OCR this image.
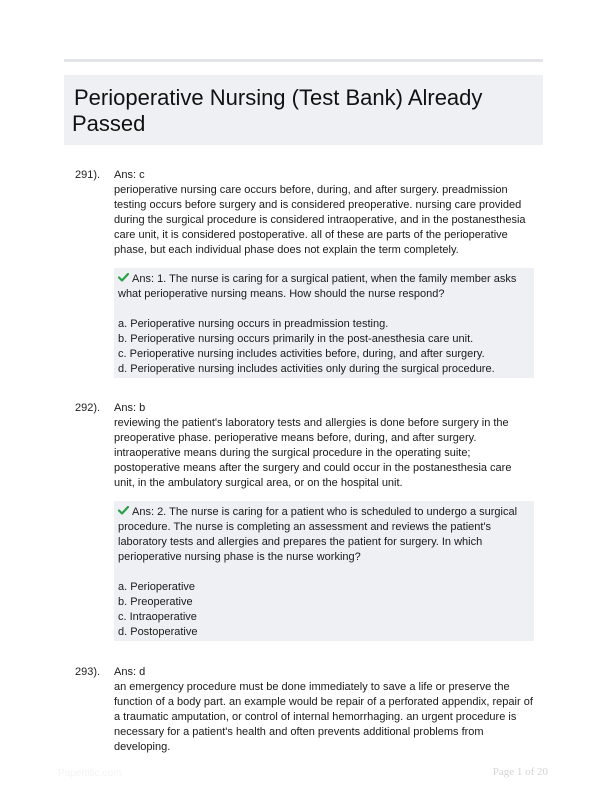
Perioperative Nursing (Test Bank) Already
Passed
291). Ans: c
perioperative nursing care occurs before, during, and after surgery. preadmission testing occurs before surgery and is considered preoperative. nursing care provided during the surgical procedure is considered intraoperative, and in the postanesthesia care unit, it is considered postoperative. all of these are parts of the perioperative phase, but each individual phase does not explain the term completely.
Ans: 1. The nurse is caring for a surgical patient, when the family member asks what perioperative nursing means. How should the nurse respond?
a. Perioperative nursing occurs in preadmission testing.
b. Perioperative nursing occurs primarily in the post-anesthesia care unit.
c. Perioperative nursing includes activities before, during, and after surgery.
d. Perioperative nursing includes activities only during the surgical procedure.
292). Ans: b
reviewing the patient's laboratory tests and allergies is done before surgery in the preoperative phase. perioperative means before, during, and after surgery. intraoperative means during the surgical procedure in the operating suite; postoperative means after the surgery and could occur in the postanesthesia care unit, in the ambulatory surgical area, or on the hospital unit.
Ans: 2. The nurse is caring for a patient who is scheduled to undergo a surgical procedure. The nurse is completing an assessment and reviews the patient's laboratory tests and allergies and prepares the patient for surgery. In which perioperative nursing phase is the nurse working?
a. Perioperative
b. Preoperative
c. Intraoperative
d. Postoperative
293). Ans: d
an emergency procedure must be done immediately to save a life or preserve the function of a body part. an example would be repair of a perforated appendix, repair of a traumatic amputation, or control of internal hemorrhaging. an urgent procedure is necessary for a patient's health and often prevents additional problems from developing.
Papertific.com	Page 1 of 20
